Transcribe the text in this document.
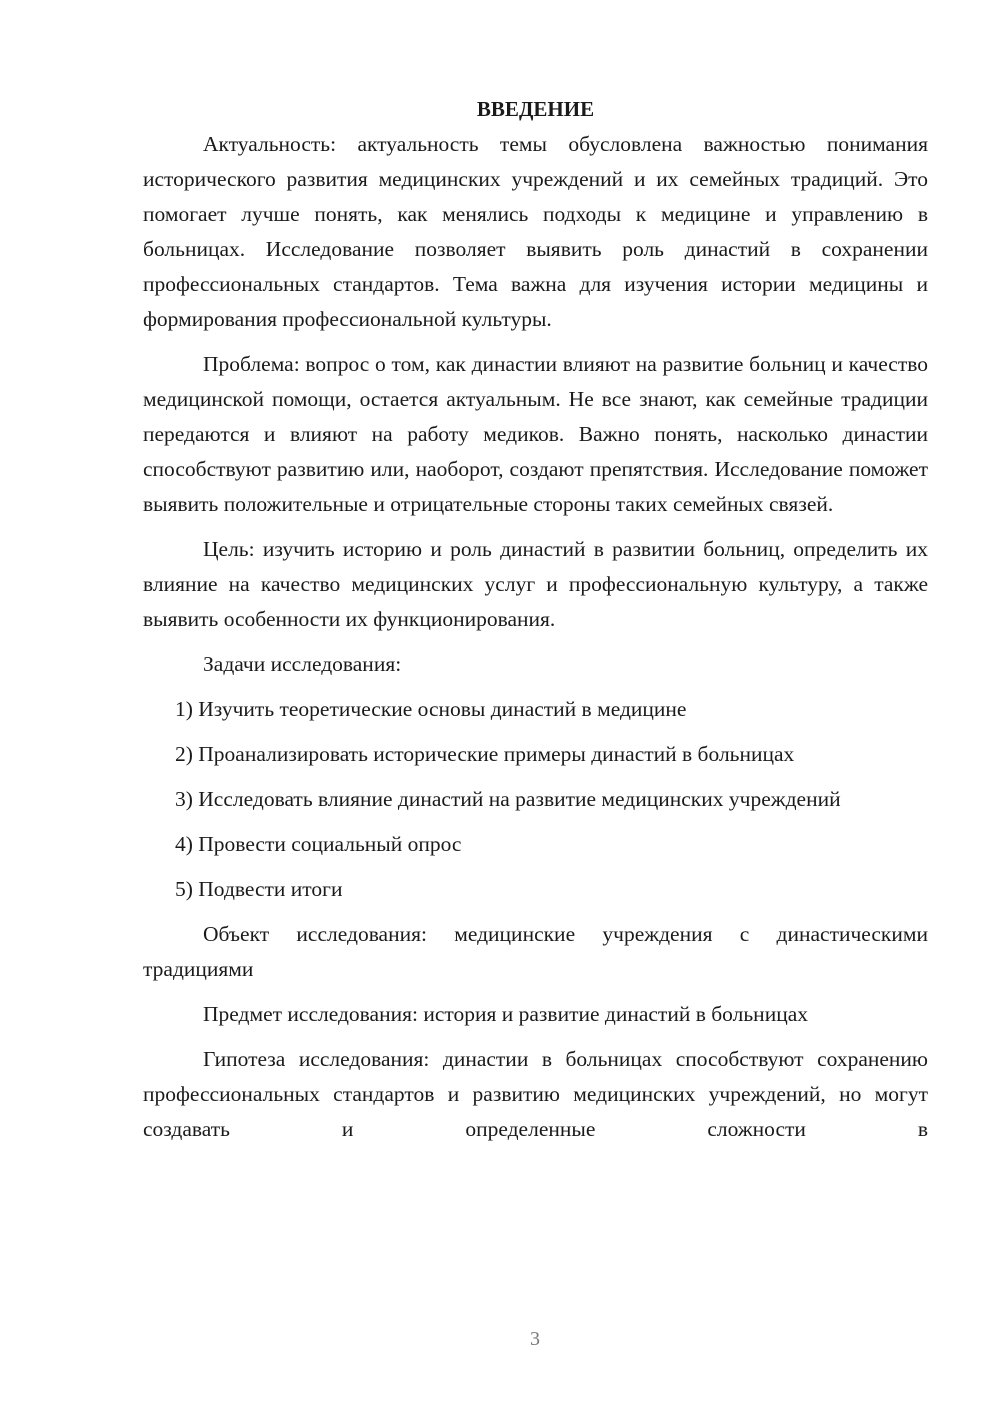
ВВЕДЕНИЕ

Актуальность: актуальность темы обусловлена важностью понимания исторического развития медицинских учреждений и их семейных традиций. Это помогает лучше понять, как менялись подходы к медицине и управлению в больницах. Исследование позволяет выявить роль династий в сохранении профессиональных стандартов. Тема важна для изучения истории медицины и формирования профессиональной культуры.

Проблема: вопрос о том, как династии влияют на развитие больниц и качество медицинской помощи, остается актуальным. Не все знают, как семейные традиции передаются и влияют на работу медиков. Важно понять, насколько династии способствуют развитию или, наоборот, создают препятствия. Исследование поможет выявить положительные и отрицательные стороны таких семейных связей.

Цель: изучить историю и роль династий в развитии больниц, определить их влияние на качество медицинских услуг и профессиональную культуру, а также выявить особенности их функционирования.

Задачи исследования:

1) Изучить теоретические основы династий в медицине

2) Проанализировать исторические примеры династий в больницах

3) Исследовать влияние династий на развитие медицинских учреждений

4) Провести социальный опрос

5) Подвести итоги

Объект исследования: медицинские учреждения с династическими традициями

Предмет исследования: история и развитие династий в больницах

Гипотеза исследования: династии в больницах способствуют сохранению профессиональных стандартов и развитию медицинских учреждений, но могут создавать и определенные сложности в

3
